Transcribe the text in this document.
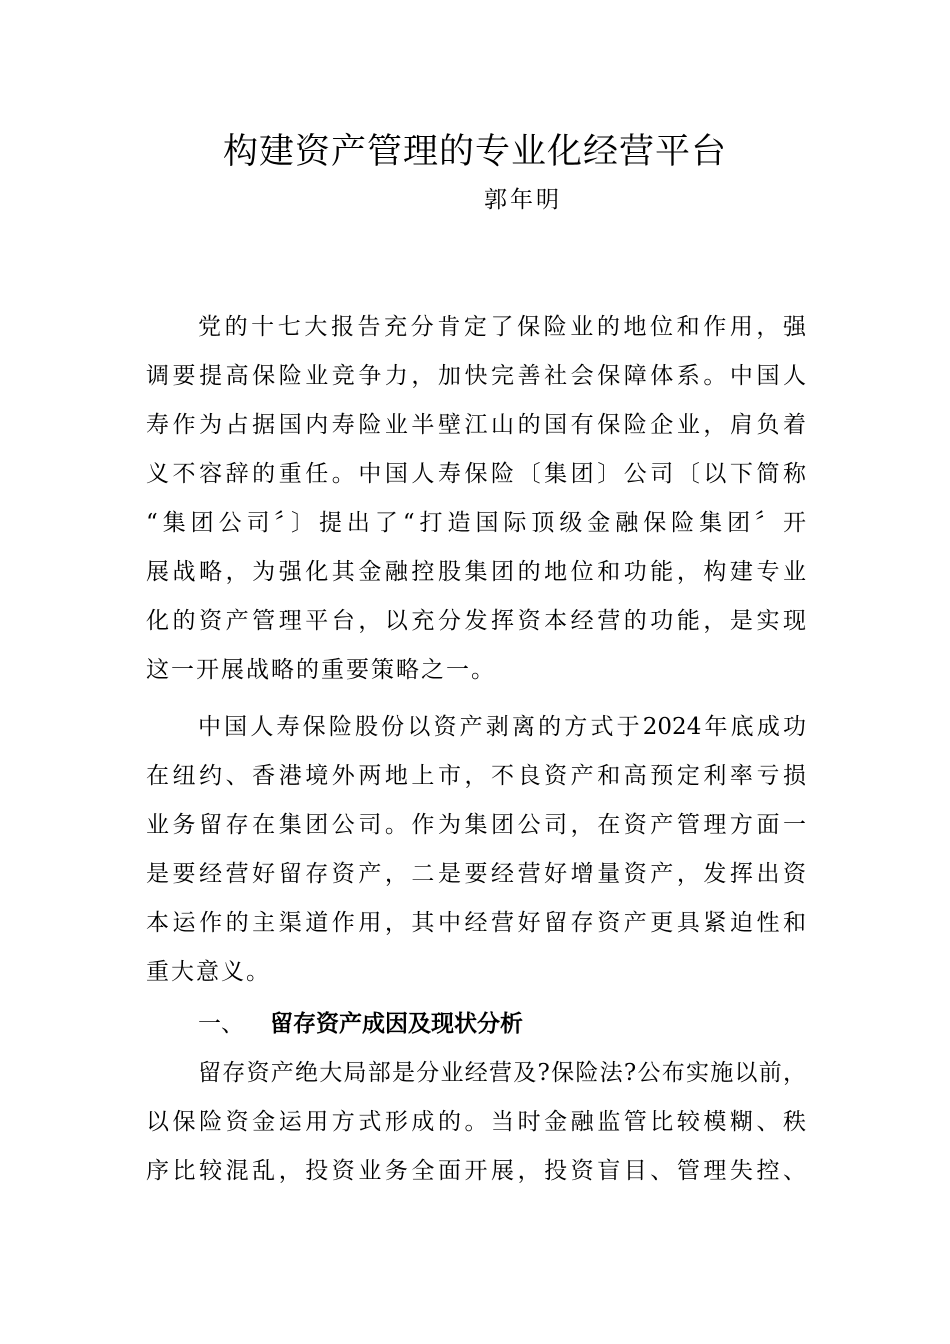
构建资产管理的专业化经营平台
郭年明
党的十七大报告充分肯定了保险业的地位和作用，强
调要提高保险业竞争力，加快完善社会保障体系。中国人
寿作为占据国内寿险业半壁江山的国有保险企业，肩负着
义不容辞的重任。中国人寿保险〔集团〕公司〔以下简称
“集团公司〞〕提出了“打造国际顶级金融保险集团〞开
展战略，为强化其金融控股集团的地位和功能，构建专业
化的资产管理平台，以充分发挥资本经营的功能，是实现
这一开展战略的重要策略之一。
中国人寿保险股份以资产剥离的方式于2024年底成功
在纽约、香港境外两地上市，不良资产和高预定利率亏损
业务留存在集团公司。作为集团公司，在资产管理方面一
是要经营好留存资产，二是要经营好增量资产，发挥出资
本运作的主渠道作用，其中经营好留存资产更具紧迫性和
重大意义。
一、 留存资产成因及现状分析
留存资产绝大局部是分业经营及?保险法?公布实施以前，
以保险资金运用方式形成的。当时金融监管比较模糊、秩
序比较混乱，投资业务全面开展，投资盲目、管理失控、
